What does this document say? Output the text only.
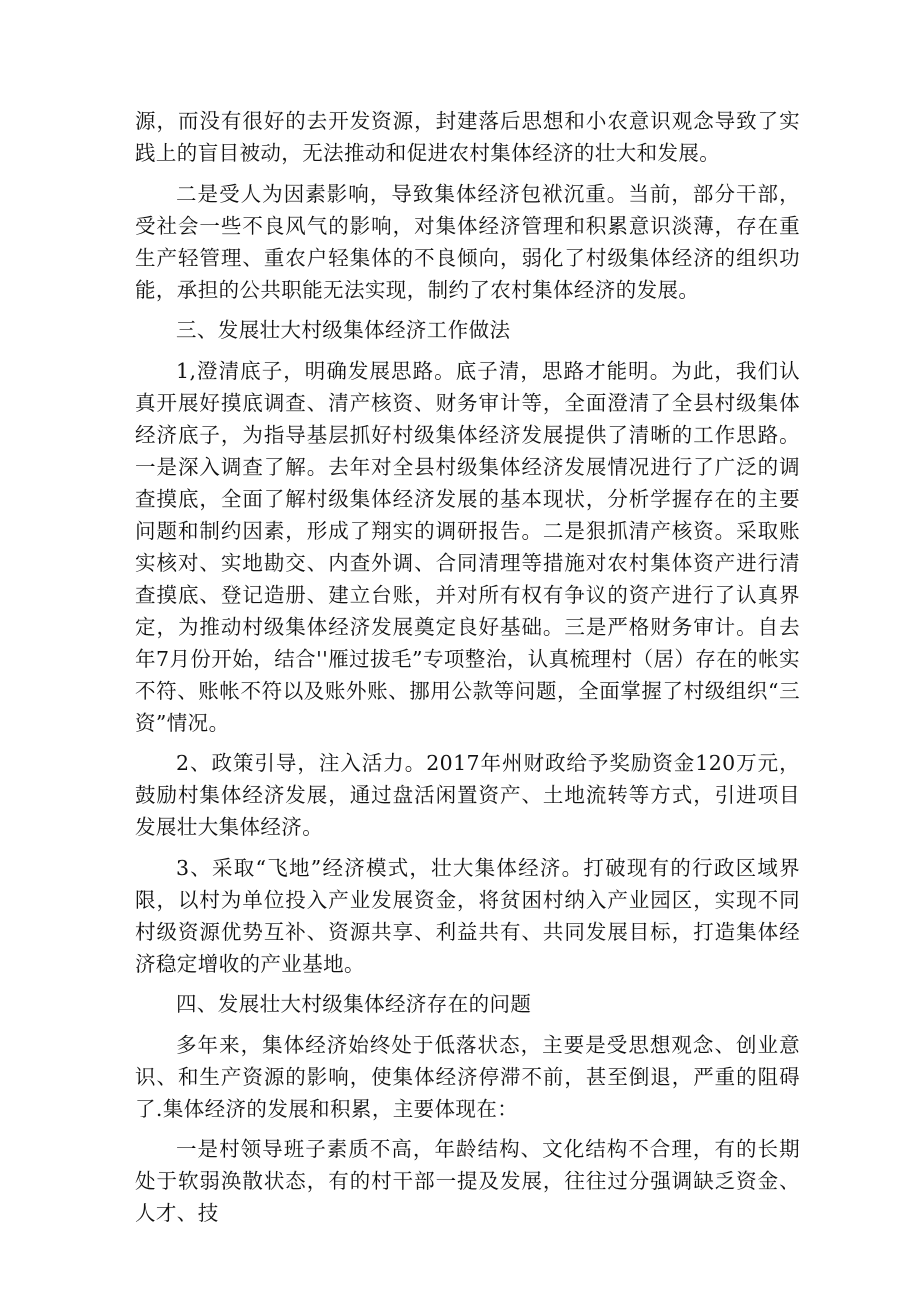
源，而没有很好的去开发资源，封建落后思想和小农意识观念导致了实践上的盲目被动，无法推动和促进农村集体经济的壮大和发展。

二是受人为因素影响，导致集体经济包袱沉重。当前，部分干部，受社会一些不良风气的影响，对集体经济管理和积累意识淡薄，存在重生产轻管理、重农户轻集体的不良倾向，弱化了村级集体经济的组织功能，承担的公共职能无法实现，制约了农村集体经济的发展。

三、发展壮大村级集体经济工作做法

1,澄清底子，明确发展思路。底子清，思路才能明。为此，我们认真开展好摸底调查、清产核资、财务审计等，全面澄清了全县村级集体经济底子，为指导基层抓好村级集体经济发展提供了清晰的工作思路。一是深入调查了解。去年对全县村级集体经济发展情况进行了广泛的调查摸底，全面了解村级集体经济发展的基本现状，分析学握存在的主要问题和制约因素，形成了翔实的调研报告。二是狠抓清产核资。采取账实核对、实地勘交、内查外调、合同清理等措施对农村集体资产进行清查摸底、登记造册、建立台账，并对所有权有争议的资产进行了认真界定，为推动村级集体经济发展奠定良好基础。三是严格财务审计。自去年7月份开始，结合''雁过拔毛”专项整治，认真梳理村（居）存在的帐实不符、账帐不符以及账外账、挪用公款等问题，全面掌握了村级组织“三资”情况。

2、政策引导，注入活力。2017年州财政给予奖励资金120万元，鼓励村集体经济发展，通过盘活闲置资产、土地流转等方式，引进项目发展壮大集体经济。

3、采取“飞地”经济模式，壮大集体经济。打破现有的行政区域界限，以村为单位投入产业发展资金，将贫困村纳入产业园区，实现不同村级资源优势互补、资源共享、利益共有、共同发展目标，打造集体经济稳定增收的产业基地。

四、发展壮大村级集体经济存在的问题

多年来，集体经济始终处于低落状态，主要是受思想观念、创业意识、和生产资源的影响，使集体经济停滞不前，甚至倒退，严重的阻碍了.集体经济的发展和积累，主要体现在：

一是村领导班子素质不高，年龄结构、文化结构不合理，有的长期处于软弱涣散状态，有的村干部一提及发展，往往过分强调缺乏资金、人才、技
